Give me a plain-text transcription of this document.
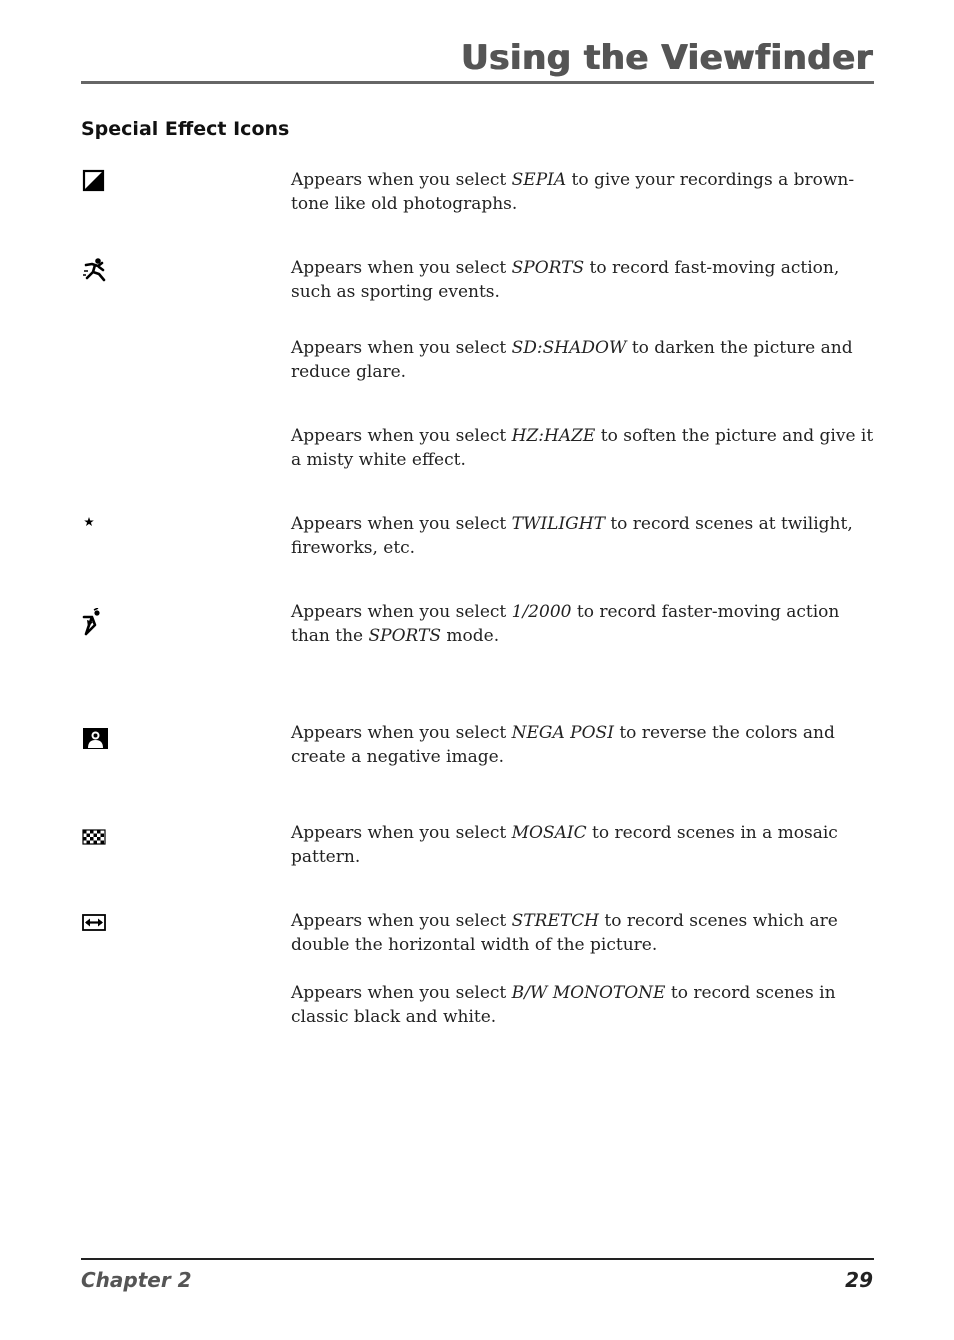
Using the Viewfinder
Special Effect Icons

Appears when you select SEPIA to give your recordings a brown-tone like old photographs.

Appears when you select SPORTS to record fast-moving action, such as sporting events.

Appears when you select SD:SHADOW to darken the picture and reduce glare.

Appears when you select HZ:HAZE to soften the picture and give it a misty white effect.

Appears when you select TWILIGHT to record scenes at twilight, fireworks, etc.

Appears when you select 1/2000 to record faster-moving action than the SPORTS mode.

Appears when you select NEGA POSI to reverse the colors and create a negative image.

Appears when you select MOSAIC to record scenes in a mosaic pattern.

Appears when you select STRETCH to record scenes which are double the horizontal width of the picture.

Appears when you select B/W MONOTONE to record scenes in classic black and white.

Chapter 2	29
